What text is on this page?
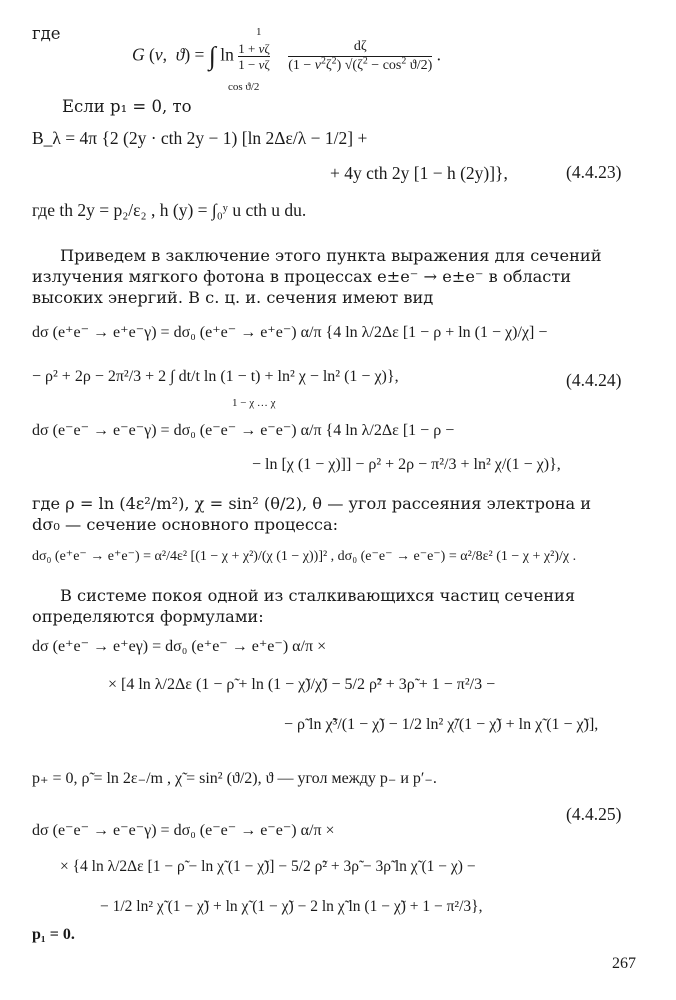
где
G (v,  ϑ) = ∫ $\ln \frac{1 + v\zeta}{1 - v\zeta}$
$\frac{d\zeta}{(1 - v^2\zeta^2) √(\zeta^2 - \cos^2 ϑ/2)}$ .
cos ϑ/2
1
Если p₁ = 0, то
B_λ = 4π {2 (2y · cth 2y − 1) [ln 2Δε/λ − 1/2] +
+ 4y cth 2y [1 − h (2y)]},	(4.4.23)
где th 2y = p₂/ε₂ , h (y) = ∫₀ʸ u cth u du.
Приведем в заключение этого пункта выражения для сечений
излучения мягкого фотона в процессах e±e⁻ → e±e⁻ в области
высоких энергий. В с. ц. и. сечения имеют вид
dσ (e⁺e⁻ → e⁺e⁻γ) = dσ₀ (e⁺e⁻ → e⁺e⁻) α/π {4 ln λ/2Δε [1 − ρ + ln (1 − χ)/χ] −
− ρ² + 2ρ − 2π²/3 + 2 ∫ dt/t ln (1 − t) + ln² χ − ln² (1 − χ)},	(4.4.24)
1 − χ … χ
dσ (e⁻e⁻ → e⁻e⁻γ) = dσ₀ (e⁻e⁻ → e⁻e⁻) α/π {4 ln λ/2Δε [1 − ρ −
− ln [χ (1 − χ)]] − ρ² + 2ρ − π²/3 + ln² χ/(1 − χ)},
где ρ = ln (4ε²/m²), χ = sin² (θ/2), θ — угол рассеяния электрона и
dσ₀ — сечение основного процесса:
dσ₀ (e⁺e⁻ → e⁺e⁻) = α²/4ε² [(1 − χ + χ²)/(χ (1 − χ))]² , dσ₀ (e⁻e⁻ → e⁻e⁻) = α²/8ε² (1 − χ + χ²)/χ .
В системе покоя одной из сталкивающихся частиц сечения
определяются формулами:
dσ (e⁺e⁻ → e⁺eγ) = dσ₀ (e⁺e⁻ → e⁺e⁻) α/π ×
× [4 ln λ/2Δε (1 − ρ̃ + ln (1 − χ̃)/χ̃) − 5/2 ρ̃² + 3ρ̃ + 1 − π²/3 −
− ρ̃ ln χ̃³/(1 − χ̃) − 1/2 ln² χ̃/(1 − χ̃) + ln χ̃ (1 − χ̃)],
p₊ = 0, ρ̃ = ln 2ε₋/m , χ̃ = sin² (ϑ/2), ϑ — угол между p₋ и p′₋.
(4.4.25)
dσ (e⁻e⁻ → e⁻e⁻γ) = dσ₀ (e⁻e⁻ → e⁻e⁻) α/π ×
× {4 ln λ/2Δε [1 − ρ̃ − ln χ̃ (1 − χ̃)] − 5/2 ρ̃² + 3ρ̃ − 3ρ̃ ln χ̃ (1 − χ) −
− 1/2 ln² χ̃ (1 − χ̃) + ln χ̃ (1 − χ̃) − 2 ln χ̃ ln (1 − χ̃) + 1 − π²/3},
p₁ = 0.
267
